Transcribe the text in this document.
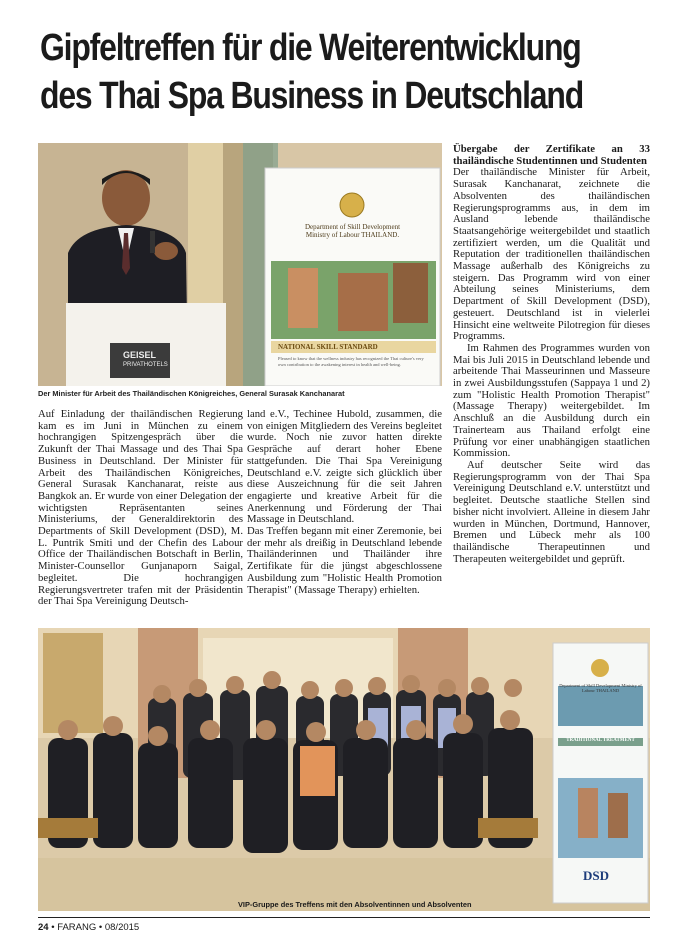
Gipfeltreffen für die Weiterentwicklung
des Thai Spa Business in Deutschland
GEISEL
PRIVATHOTELS
Department of Skill Development
Ministry of Labour THAILAND.
NATIONAL SKILL STANDARD
Pleased to know that the wellness industry has recognized the Thai culture's very own contribution to the awakening interest in health and well-being.
Der Minister für Arbeit des Thailändischen Königreiches, General Surasak Kanchanarat

Auf Einladung der thailändischen Regierung kam es im Juni in München zu einem hochrangigen Spitzengespräch über die Zukunft der Thai Massage und des Thai Spa Business in Deutschland. Der Minister für Arbeit des Thailändischen Königreiches, General Surasak Kanchanarat, reiste aus Bangkok an. Er wurde von einer Delegation der wichtigsten Repräsentanten seines Ministeriums, der Generaldirektorin des Departments of Skill Development (DSD), M. L. Puntrik Smiti und der Chefin des Labour Office der Thailändischen Botschaft in Berlin, Minister-Counsellor Gunjanaporn Saigal, begleitet. Die hochrangigen Regierungsvertreter trafen mit der Präsidentin der Thai Spa Vereinigung Deutsch-

land e.V., Techinee Hubold, zusammen, die von einigen Mitgliedern des Vereins begleitet wurde. Noch nie zuvor hatten direkte Gespräche auf derart hoher Ebene stattgefunden. Die Thai Spa Vereinigung Deutschland e.V. zeigte sich glücklich über diese Auszeichnung für die seit Jahren engagierte und kreative Arbeit für die Anerkennung und Förderung der Thai Massage in Deutschland.

Das Treffen begann mit einer Zeremonie, bei der mehr als dreißig in Deutschland lebende Thailänderinnen und Thailänder ihre Zertifikate für die jüngst abgeschlossene Ausbildung zum "Holistic Health Promotion Therapist" (Massage Therapy) erhielten.

Übergabe der Zertifikate an 33 thailändische Studentinnen und Studenten

Der thailändische Minister für Arbeit, Surasak Kanchanarat, zeichnete die Absolventen des thailändischen Regierungsprogramms aus, in dem im Ausland lebende thailändische Staatsangehörige weitergebildet und staatlich zertifiziert werden, um die Qualität und Reputation der traditionellen thailändischen Massage außerhalb des Königreichs zu steigern. Das Programm wird von einer Abteilung seines Ministeriums, dem Department of Skill Development (DSD), gesteuert. Deutschland ist in vielerlei Hinsicht eine weltweite Pilotregion für dieses Programms.

Im Rahmen des Programmes wurden von Mai bis Juli 2015 in Deutschland lebende und arbeitende Thai Masseurinnen und Masseure in zwei Ausbildungsstufen (Sappaya 1 und 2) zum "Holistic Health Promotion Therapist" (Massage Therapy) weitergebildet. Im Anschluß an die Ausbildung durch ein Trainerteam aus Thailand erfolgt eine Prüfung vor einer unabhängigen staatlichen Kommission.

Auf deutscher Seite wird das Regierungsprogramm von der Thai Spa Vereinigung Deutschland e.V. unterstützt und begleitet. Deutsche staatliche Stellen sind bisher nicht involviert. Alleine in diesem Jahr wurden in München, Dortmund, Hannover, Bremen und Lübeck mehr als 100 thailändische Therapeutinnen und Therapeuten weitergebildet und geprüft.

Department of Skill Development Ministry of Labour THAILAND
TRADITIONAL TREATMENT
DSD
VIP-Gruppe des Treffens mit den Absolventinnen und Absolventen
24 • FARANG • 08/2015
